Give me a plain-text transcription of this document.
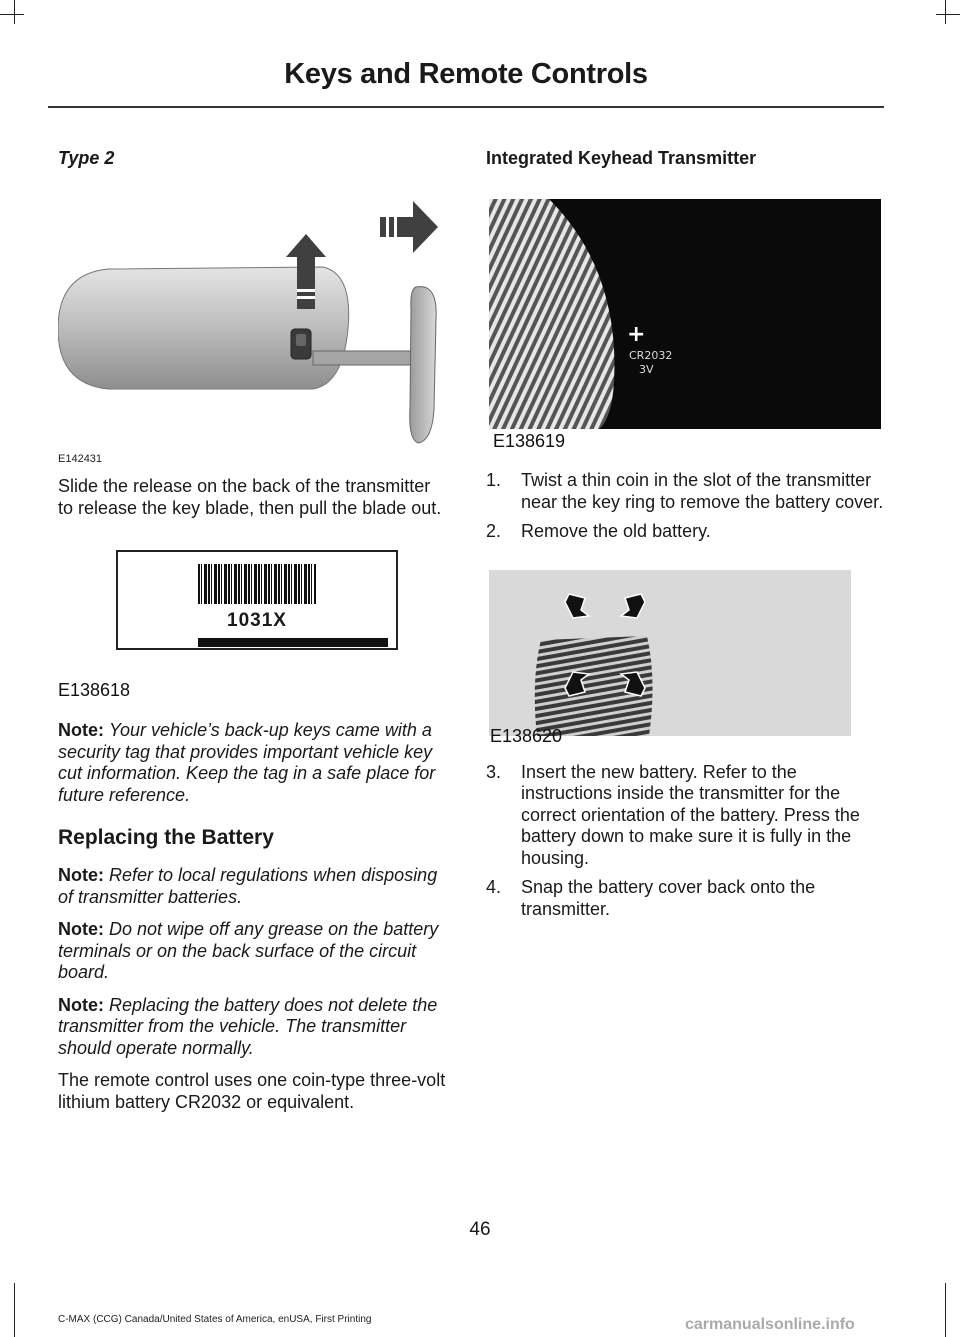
Keys and Remote Controls
Type 2
E142431

Slide the release on the back of the transmitter to release the key blade, then pull the blade out.

1031X
E138618

Note: Your vehicle’s back-up keys came with a security tag that provides important vehicle key cut information. Keep the tag in a safe place for future reference.

Replacing the Battery

Note: Refer to local regulations when disposing of transmitter batteries.

Note: Do not wipe off any grease on the battery terminals or on the back surface of the circuit board.

Note: Replacing the battery does not delete the transmitter from the vehicle. The transmitter should operate normally.

The remote control uses one coin-type three-volt lithium battery CR2032 or equivalent.

Integrated Keyhead Transmitter
+
CR2032
3V
E138619
1. Twist a thin coin in the slot of the transmitter near the key ring to remove the battery cover.
2. Remove the old battery.
E138620
3. Insert the new battery. Refer to the instructions inside the transmitter for the correct orientation of the battery. Press the battery down to make sure it is fully in the housing.
4. Snap the battery cover back onto the transmitter.
46
C-MAX (CCG) Canada/United States of America, enUSA, First Printing	carmanualsonline.info
